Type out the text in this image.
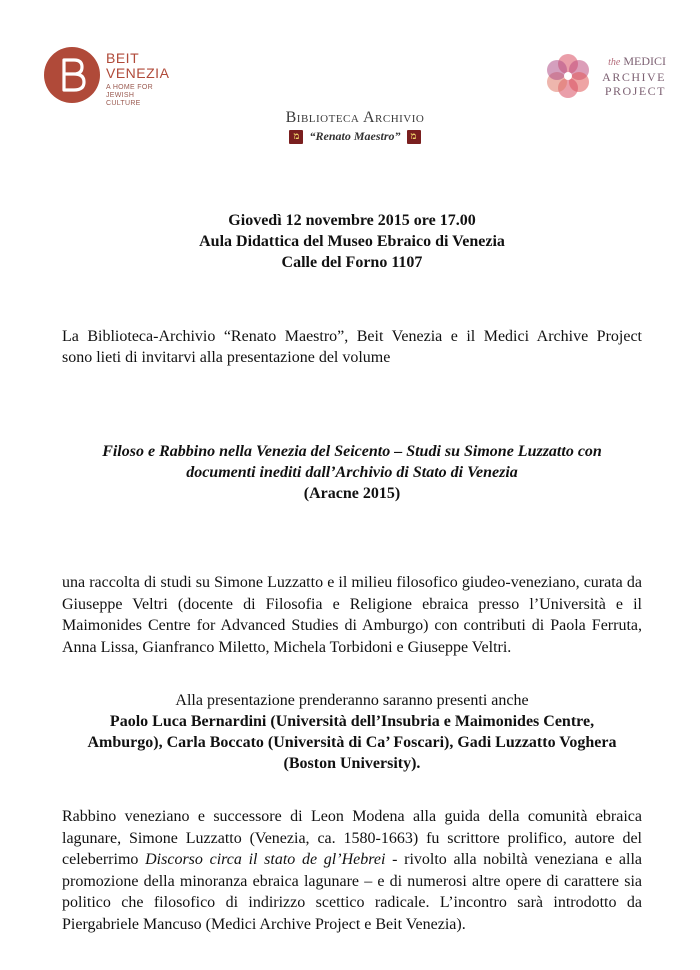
BEIT
VENEZIA
A HOME FOR JEWISH CULTURE
the MEDICI
ARCHIVE
PROJECT
Biblioteca Archivio
מ “Renato Maestro”	מ
Giovedì 12 novembre 2015 ore 17.00
Aula Didattica del Museo Ebraico di Venezia
Calle del Forno 1107
La Biblioteca-Archivio “Renato Maestro”, Beit Venezia e il Medici Archive Project
sono lieti di invitarvi alla presentazione del volume
Filoso e Rabbino nella Venezia del Seicento – Studi su Simone Luzzatto con
documenti inediti dall’Archivio di Stato di Venezia
(Aracne 2015)
una raccolta di studi su Simone Luzzatto e il milieu filosofico giudeo-veneziano, curata da Giuseppe Veltri (docente di Filosofia e Religione ebraica presso l’Università e il Maimonides Centre for Advanced Studies di Amburgo) con contributi di Paola Ferruta, Anna Lissa, Gianfranco Miletto, Michela Torbidoni e Giuseppe Veltri.
Alla presentazione prenderanno saranno presenti anche
Paolo Luca Bernardini (Università dell’Insubria e Maimonides Centre,
Amburgo), Carla Boccato (Università di Ca’ Foscari), Gadi Luzzatto Voghera
(Boston University).
Rabbino veneziano e successore di Leon Modena alla guida della comunità ebraica lagunare, Simone Luzzatto (Venezia, ca. 1580-1663) fu scrittore prolifico, autore del celeberrimo Discorso circa il stato de gl’Hebrei - rivolto alla nobiltà veneziana e alla promozione della minoranza ebraica lagunare – e di numerosi altre opere di carattere sia politico che filosofico di indirizzo scettico radicale. L’incontro sarà introdotto da Piergabriele Mancuso (Medici Archive Project e Beit Venezia).
